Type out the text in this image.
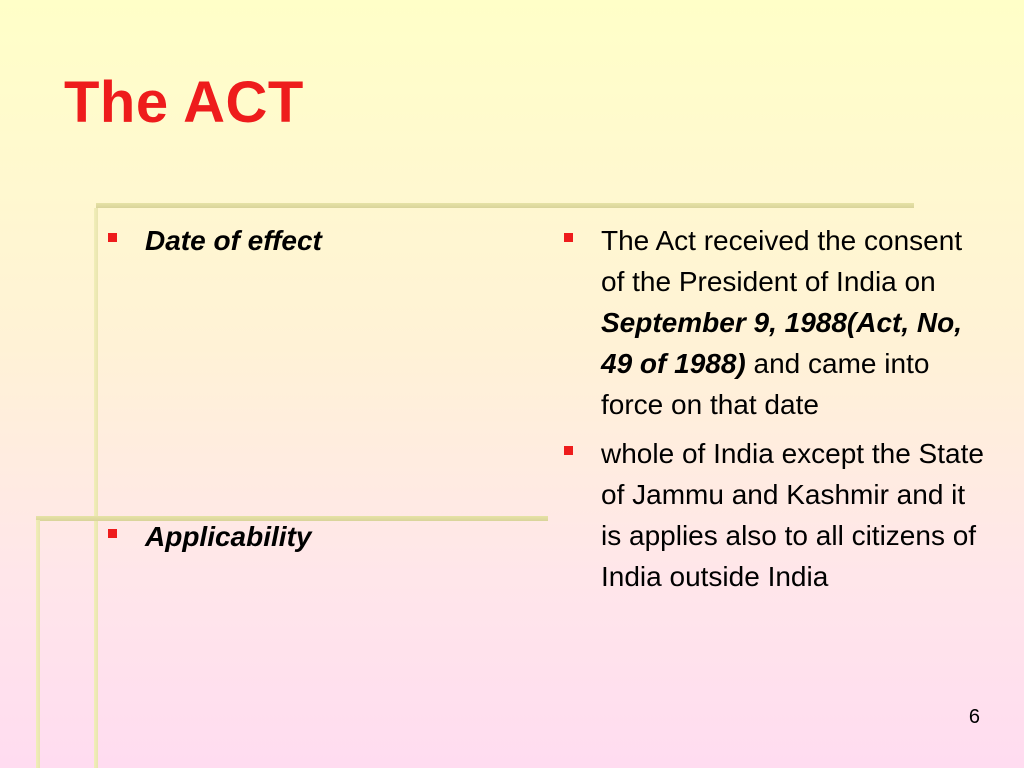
The ACT
Date of effect
Applicability
The Act received the consent of the President of India on September 9, 1988(Act, No, 49 of 1988) and came into force on that date
whole of India except the State of Jammu and Kashmir and it is applies also to all citizens of India outside India
6
